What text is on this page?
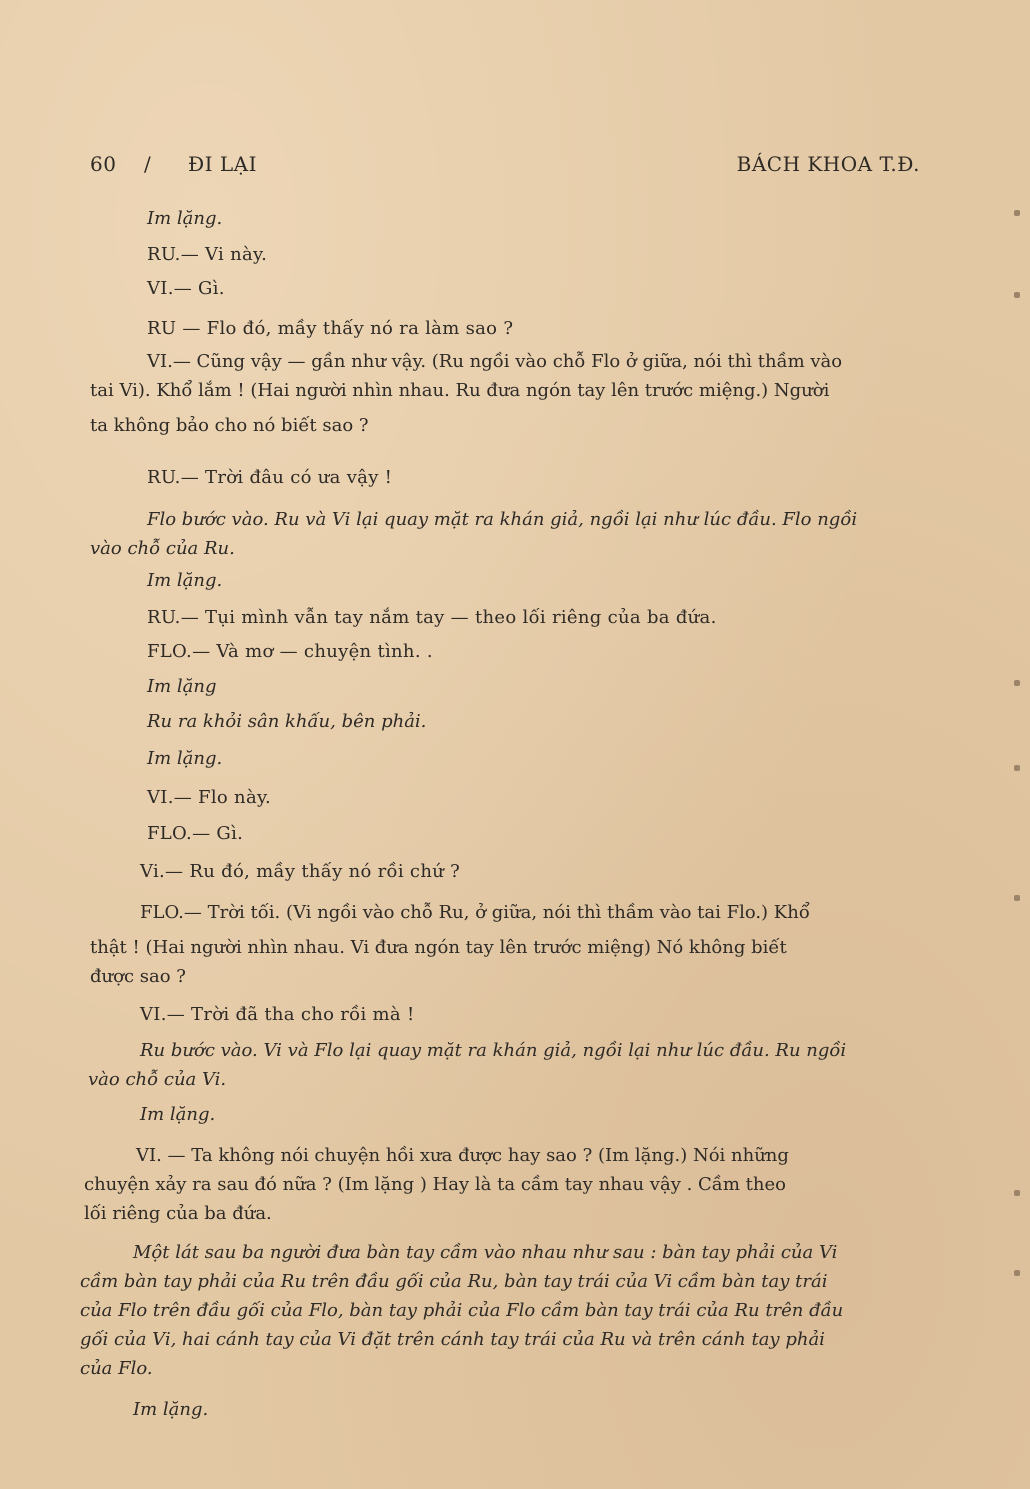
60 / ĐI LẠI	BÁCH KHOA T.Đ.
Im lặng.
RU.— Vi này.
VI.— Gì.
RU — Flo đó, mầy thấy nó ra làm sao ?
VI.— Cũng vậy — gần như vậy. (Ru ngồi vào chỗ Flo ở giữa, nói thì thầm vào
tai Vi). Khổ lắm ! (Hai người nhìn nhau. Ru đưa ngón tay lên trước miệng.) Người
ta không bảo cho nó biết sao ?
RU.— Trời đâu có ưa vậy !
Flo bước vào. Ru và Vi lại quay mặt ra khán giả, ngồi lại như lúc đầu. Flo ngồi
vào chỗ của Ru.
Im lặng.
RU.— Tụi mình vẫn tay nắm tay — theo lối riêng của ba đứa.
FLO.— Và mơ — chuyện tình. .
Im lặng
Ru ra khỏi sân khấu, bên phải.
Im lặng.
VI.— Flo này.
FLO.— Gì.
Vi.— Ru đó, mầy thấy nó rồi chứ ?
FLO.— Trời tối. (Vi ngồi vào chỗ Ru, ở giữa, nói thì thầm vào tai Flo.) Khổ
thật ! (Hai người nhìn nhau. Vi đưa ngón tay lên trước miệng) Nó không biết
được sao ?
VI.— Trời đã tha cho rồi mà !
Ru bước vào. Vi và Flo lại quay mặt ra khán giả, ngồi lại như lúc đầu. Ru ngồi
vào chỗ của Vi.
Im lặng.
VI. — Ta không nói chuyện hồi xưa được hay sao ? (Im lặng.) Nói những
chuyện xảy ra sau đó nữa ? (Im lặng ) Hay là ta cầm tay nhau vậy . Cầm theo
lối riêng của ba đứa.
Một lát sau ba người đưa bàn tay cầm vào nhau như sau : bàn tay phải của Vi
cầm bàn tay phải của Ru trên đầu gối của Ru, bàn tay trái của Vi cầm bàn tay trái
của Flo trên đầu gối của Flo, bàn tay phải của Flo cầm bàn tay trái của Ru trên đầu
gối của Vi, hai cánh tay của Vi đặt trên cánh tay trái của Ru và trên cánh tay phải
của Flo.
Im lặng.
